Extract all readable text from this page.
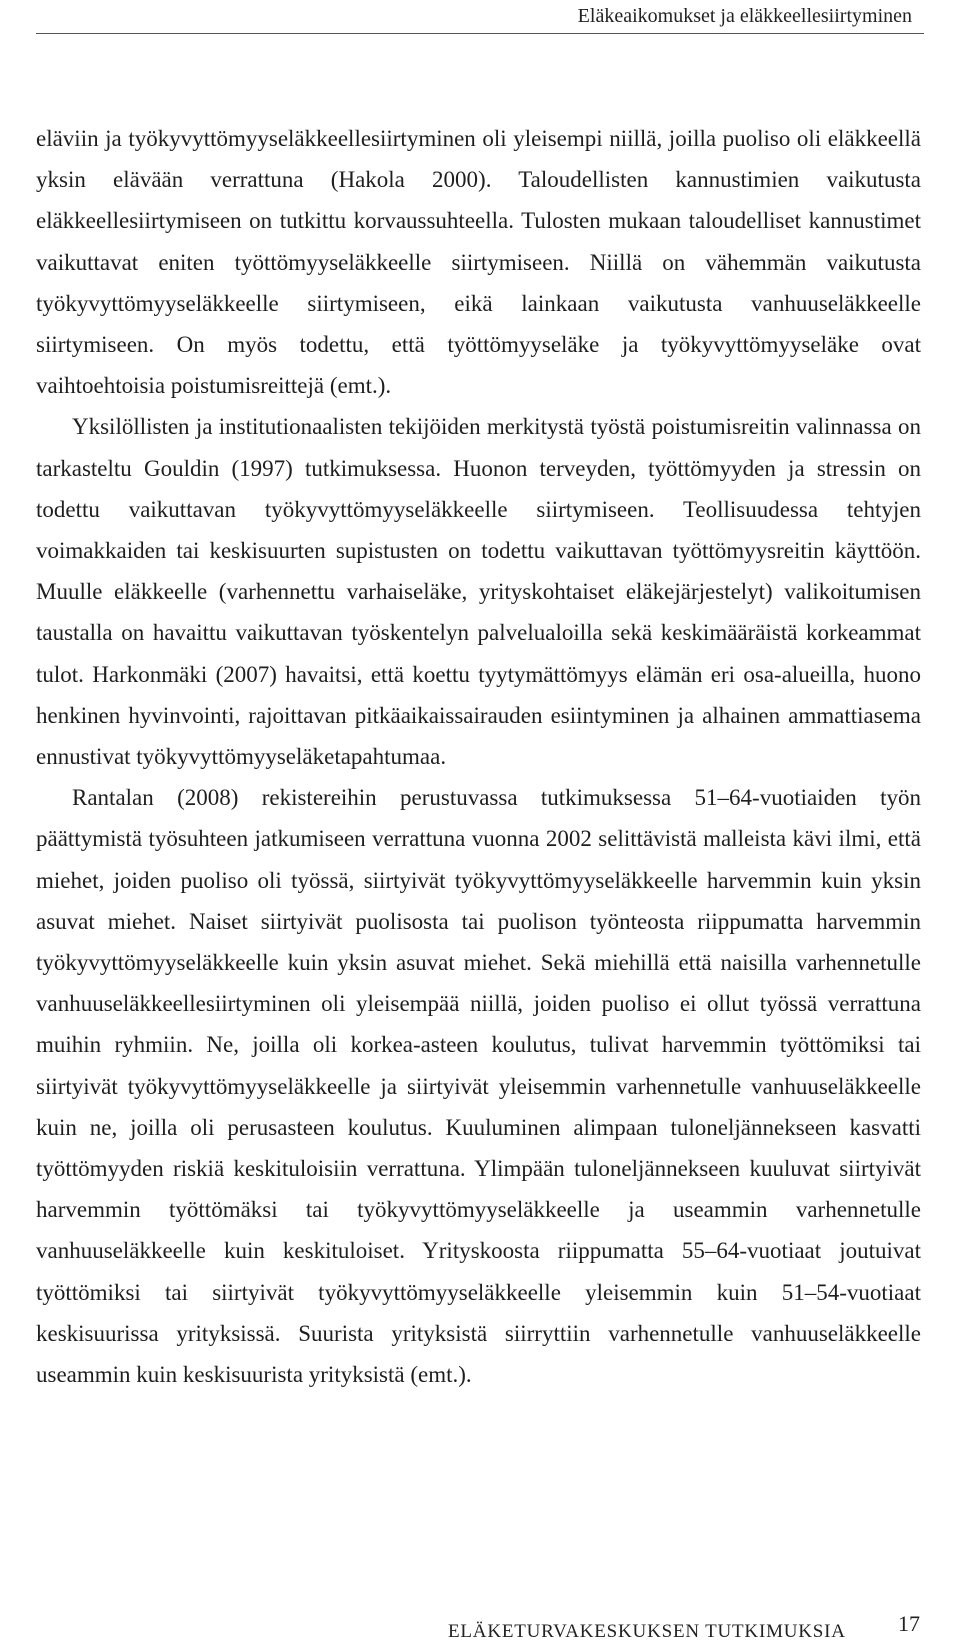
Eläkeaikomukset ja eläkkeellesiirtyminen

eläviin ja työkyvyttömyyseläkkeellesiirtyminen oli yleisempi niillä, joilla puoliso oli eläkkeellä yksin elävään verrattuna (Hakola 2000). Taloudellisten kannustimien vaikutusta eläkkeellesiirtymiseen on tutkittu korvaussuhteella. Tulosten mukaan taloudelliset kannustimet vaikuttavat eniten työttömyyseläkkeelle siirtymiseen. Niillä on vähemmän vaikutusta työkyvyttömyyseläkkeelle siirtymiseen, eikä lainkaan vaikutusta vanhuuseläkkeelle siirtymiseen. On myös todettu, että työttömyyseläke ja työkyvyttömyyseläke ovat vaihtoehtoisia poistumisreittejä (emt.).

Yksilöllisten ja institutionaalisten tekijöiden merkitystä työstä poistumisreitin valinnassa on tarkasteltu Gouldin (1997) tutkimuksessa. Huonon terveyden, työttömyyden ja stressin on todettu vaikuttavan työkyvyttömyyseläkkeelle siirtymiseen. Teollisuudessa tehtyjen voimakkaiden tai keskisuurten supistusten on todettu vaikuttavan työttömyysreitin käyttöön. Muulle eläkkeelle (varhennettu varhaiseläke, yrityskohtaiset eläkejärjestelyt) valikoitumisen taustalla on havaittu vaikuttavan työskentelyn palvelualoilla sekä keskimääräistä korkeammat tulot. Harkonmäki (2007) havaitsi, että koettu tyytymättömyys elämän eri osa-alueilla, huono henkinen hyvinvointi, rajoittavan pitkäaikaissairauden esiintyminen ja alhainen ammattiasema ennustivat työkyvyttömyyseläketapahtumaa.

Rantalan (2008) rekistereihin perustuvassa tutkimuksessa 51–64-vuotiaiden työn päättymistä työsuhteen jatkumiseen verrattuna vuonna 2002 selittävistä malleista kävi ilmi, että miehet, joiden puoliso oli työssä, siirtyivät työkyvyttömyyseläkkeelle harvemmin kuin yksin asuvat miehet. Naiset siirtyivät puolisosta tai puolison työnteosta riippumatta harvemmin työkyvyttömyyseläkkeelle kuin yksin asuvat miehet. Sekä miehillä että naisilla varhennetulle vanhuuseläkkeellesiirtyminen oli yleisempää niillä, joiden puoliso ei ollut työssä verrattuna muihin ryhmiin. Ne, joilla oli korkea-asteen koulutus, tulivat harvemmin työttömiksi tai siirtyivät työkyvyttömyyseläkkeelle ja siirtyivät yleisemmin varhennetulle vanhuuseläkkeelle kuin ne, joilla oli perusasteen koulutus. Kuuluminen alimpaan tuloneljännekseen kasvatti työttömyyden riskiä keskituloisiin verrattuna. Ylimpään tuloneljännekseen kuuluvat siirtyivät harvemmin työttömäksi tai työkyvyttömyyseläkkeelle ja useammin varhennetulle vanhuuseläkkeelle kuin keskituloiset. Yrityskoosta riippumatta 55–64-vuotiaat joutuivat työttömiksi tai siirtyivät työkyvyttömyyseläkkeelle yleisemmin kuin 51–54-vuotiaat keskisuurissa yrityksissä. Suurista yrityksistä siirryttiin varhennetulle vanhuuseläkkeelle useammin kuin keskisuurista yrityksistä (emt.).

ELÄKETURVAKESKUKSEN TUTKIMUKSIA 17
